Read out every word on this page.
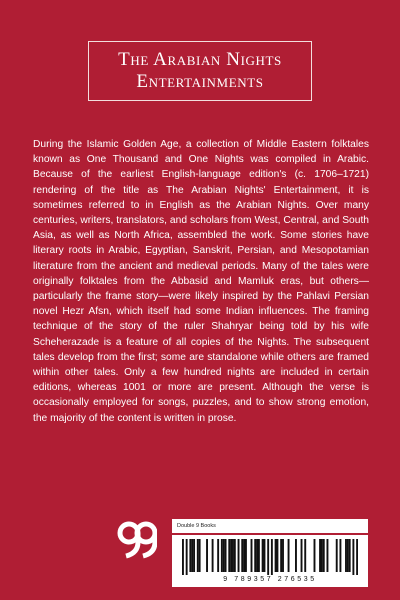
The Arabian Nights
Entertainments

During the Islamic Golden Age, a collection of Middle Eastern folktales known as One Thousand and One Nights was compiled in Arabic. Because of the earliest English-language edition's (c. 1706–1721) rendering of the title as The Arabian Nights' Entertainment, it is sometimes referred to in English as the Arabian Nights. Over many centuries, writers, translators, and scholars from West, Central, and South Asia, as well as North Africa, assembled the work. Some stories have literary roots in Arabic, Egyptian, Sanskrit, Persian, and Mesopotamian literature from the ancient and medieval periods. Many of the tales were originally folktales from the Abbasid and Mamluk eras, but others—particularly the frame story—were likely inspired by the Pahlavi Persian novel Hezr Afsn, which itself had some Indian influences. The framing technique of the story of the ruler Shahryar being told by his wife Scheherazade is a feature of all copies of the Nights. The subsequent tales develop from the first; some are standalone while others are framed within other tales. Only a few hundred nights are included in certain editions, whereas 1001 or more are present. Although the verse is occasionally employed for songs, puzzles, and to show strong emotion, the majority of the content is written in prose.

Double 9 Books
9 789357 276535
